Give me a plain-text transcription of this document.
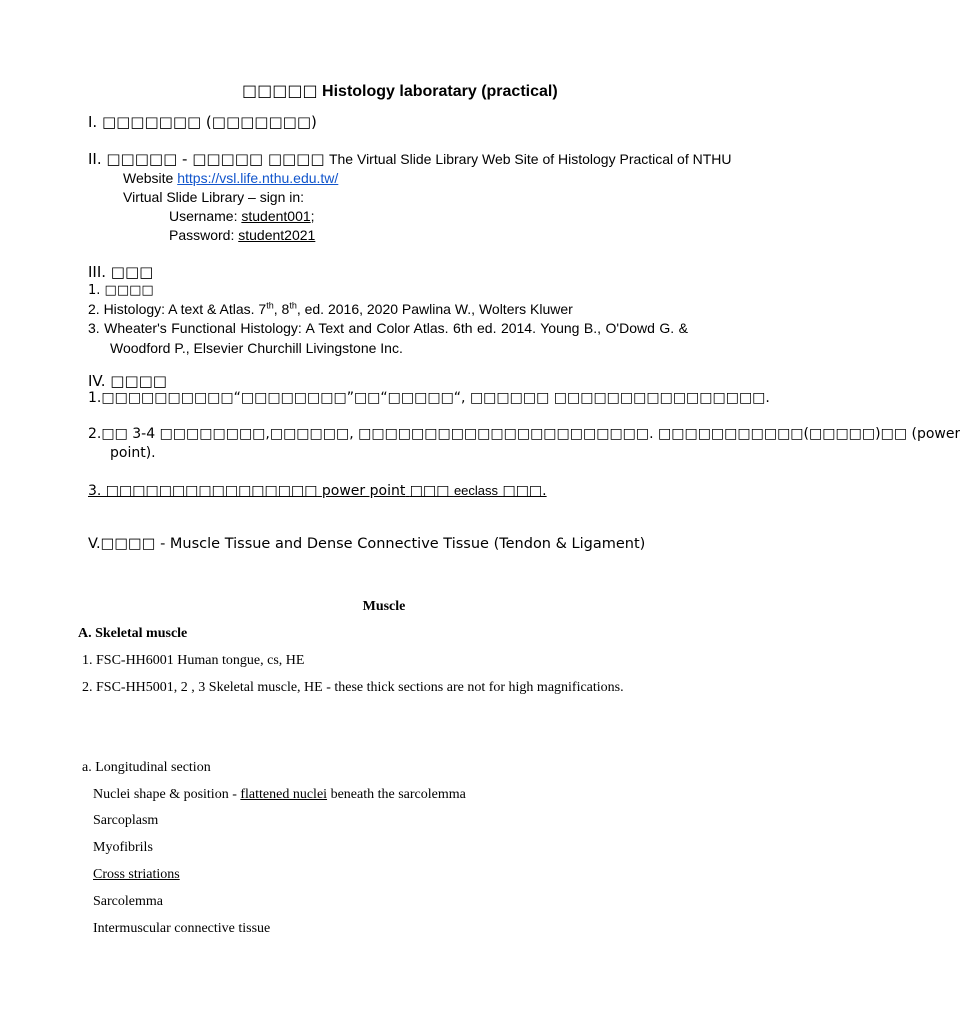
□□□□□ Histology laboratary (practical)
I. □□□□□□□ (□□□□□□□)
II. □□□□□ - □□□□□ □□□□ The Virtual Slide Library Web Site of Histology Practical of NTHU
Website https://vsl.life.nthu.edu.tw/
Virtual Slide Library – sign in:
Username: student001;
Password: student2021
III. □□□
1. □□□□
2. Histology: A text & Atlas. 7th, 8th, ed. 2016, 2020 Pawlina W., Wolters Kluwer
3. Wheater's Functional Histology: A Text and Color Atlas. 6th ed. 2014. Young B., O'Dowd G. &
Woodford P., Elsevier Churchill Livingstone Inc.
IV. □□□□
1.□□□□□□□□□□“□□□□□□□□”□□“□□□□□“, □□□□□□ □□□□□□□□□□□□□□□□.
2.□□ 3-4 □□□□□□□□,□□□□□□, □□□□□□□□□□□□□□□□□□□□□□. □□□□□□□□□□□(□□□□□)□□ (power
point).
3. □□□□□□□□□□□□□□□□ power point □□□ eeclass □□□.
V.□□□□ - Muscle Tissue and Dense Connective Tissue (Tendon & Ligament)
Muscle
A. Skeletal muscle
1. FSC-HH6001 Human tongue, cs, HE
2. FSC-HH5001, 2 , 3 Skeletal muscle, HE - these thick sections are not for high magnifications.
a. Longitudinal section
Nuclei shape & position - flattened nuclei beneath the sarcolemma
Sarcoplasm
Myofibrils
Cross striations
Sarcolemma
Intermuscular connective tissue
